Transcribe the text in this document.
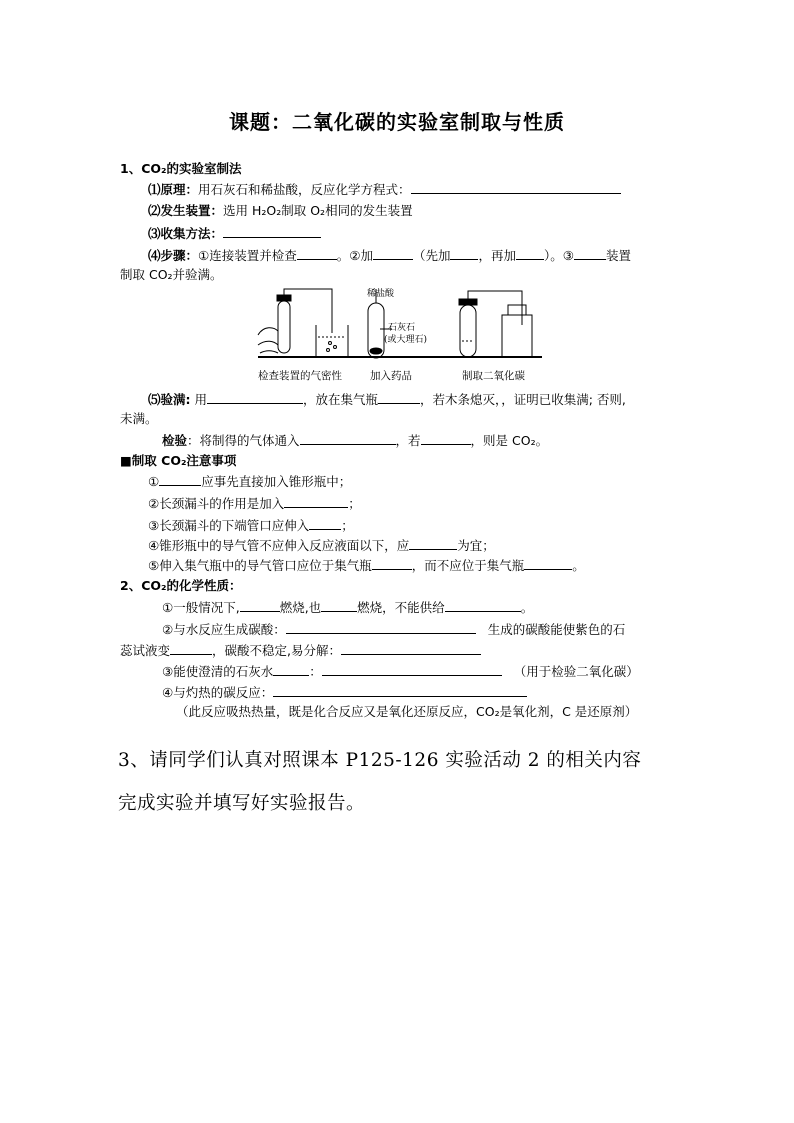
课题：二氧化碳的实验室制取与性质
1、CO₂的实验室制法
⑴原理：用石灰石和稀盐酸，反应化学方程式：
⑵发生装置：选用 H₂O₂制取 O₂相同的发生装置
⑶收集方法：
⑷步骤：①连接装置并检查	。②加	（先加 ，再加 ）。③	装置
制取 CO₂并验满。
稀盐酸
石灰石
(或大理石)
检查装置的气密性	加入药品	制取二氧化碳
⑸验满: 用	，放在集气瓶	，若木条熄灭，，证明已收集满; 否则,
未满。
检验：将制得的气体通入	，若	，则是 CO₂。
■制取 CO₂注意事项
①	应事先直接加入锥形瓶中；
②长颈漏斗的作用是加入	；
③长颈漏斗的下端管口应伸入	；
④锥形瓶中的导气管不应伸入反应液面以下，应	为宜；
⑤伸入集气瓶中的导气管口应位于集气瓶	，而不应位于集气瓶	。
2、CO₂的化学性质：
①一般情况下,	燃烧,也	燃烧，不能供给	。
②与水反应生成碳酸：	生成的碳酸能使紫色的石
蕊试液变	，碳酸不稳定,易分解：
③能使澄清的石灰水	：	（用于检验二氧化碳）
④与灼热的碳反应：
（此反应吸热热量，既是化合反应又是氧化还原反应，CO₂是氧化剂，C 是还原剂）
3、请同学们认真对照课本 P125-126 实验活动 2 的相关内容
完成实验并填写好实验报告。
